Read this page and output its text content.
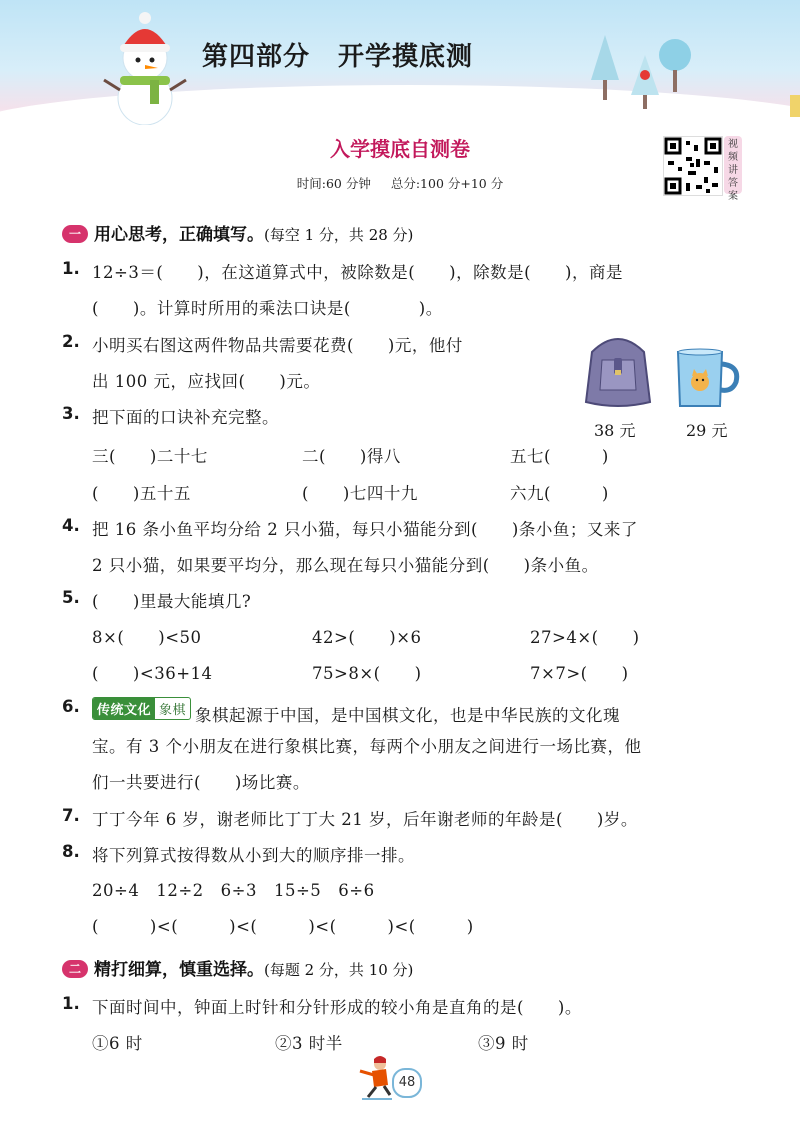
第四部分 开学摸底测
入学摸底自测卷
时间:60 分钟 总分:100 分+10 分
视频讲答案
一 用心思考，正确填写。(每空 1 分，共 28 分)
1. 12÷3＝(　　)，在这道算式中，被除数是(　　)，除数是(　　)，商是
(　　)。计算时所用的乘法口诀是(　　　　)。
2. 小明买右图这两件物品共需要花费(　　)元，他付
出 100 元，应找回(　　)元。
38 元	29 元
3. 把下面的口诀补充完整。
三(　　)二十七	二(　　)得八	五七(　　　)
(　　)五十五	(　　)七四十九	六九(　　　)
4. 把 16 条小鱼平均分给 2 只小猫，每只小猫能分到(　　)条小鱼；又来了
2 只小猫，如果要平均分，那么现在每只小猫能分到(　　)条小鱼。
5. (　　)里最大能填几?
8×(　　)<50	42>(　　)×6	27>4×(　　)
(　　)<36+14	75>8×(　　)	7×7>(　　)
6.	传统文化 象棋 象棋起源于中国，是中国棋文化，也是中华民族的文化瑰
宝。有 3 个小朋友在进行象棋比赛，每两个小朋友之间进行一场比赛，他
们一共要进行(　　)场比赛。
7. 丁丁今年 6 岁，谢老师比丁丁大 21 岁，后年谢老师的年龄是(　　)岁。
8. 将下列算式按得数从小到大的顺序排一排。
20÷4　12÷2　6÷3　15÷5　6÷6
(　　　)<(　　　)<(　　　)<(　　　)<(　　　)
二 精打细算，慎重选择。(每题 2 分，共 10 分)
1. 下面时间中，钟面上时针和分针形成的较小角是直角的是(　　)。
①6 时	②3 时半	③9 时
48
